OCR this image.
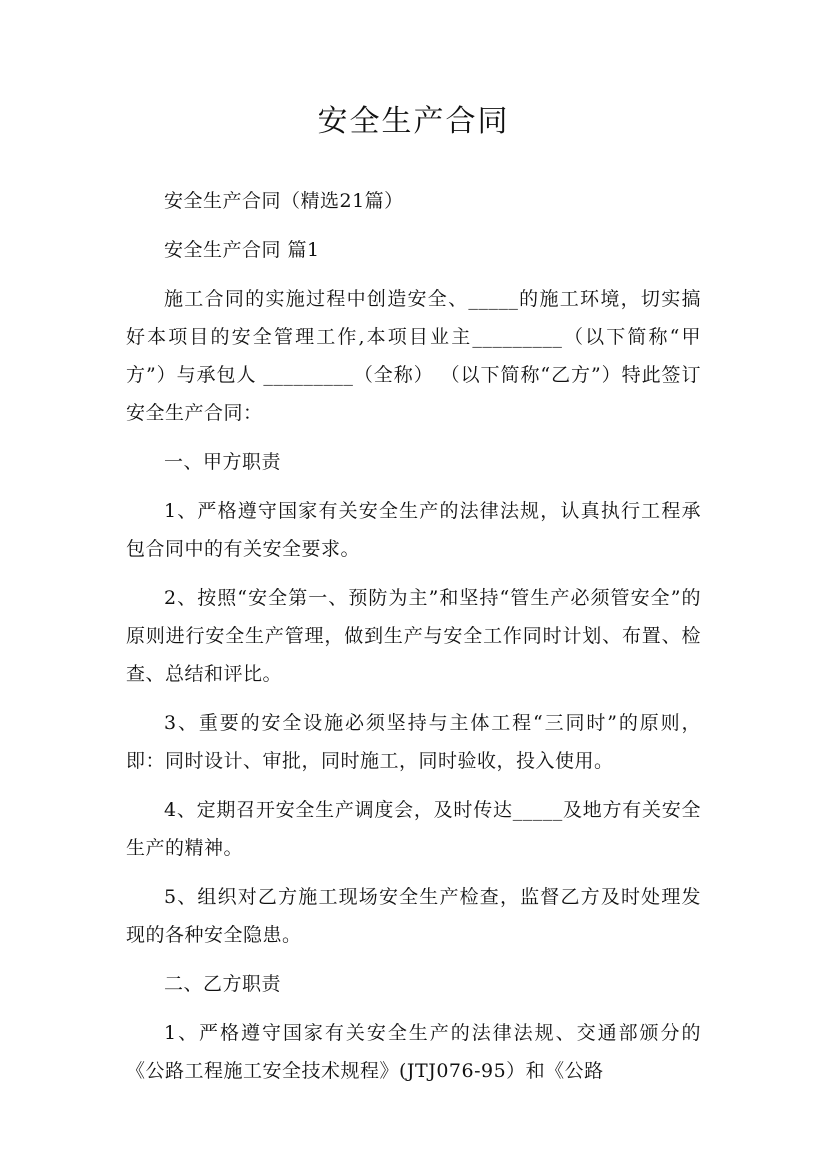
安全生产合同

安全生产合同（精选21篇）

安全生产合同 篇1

施工合同的实施过程中创造安全、_____的施工环境，切实搞好本项目的安全管理工作,本项目业主_________（以下简称“甲方”）与承包人 _________（全称） （以下简称“乙方”）特此签订安全生产合同：

一、甲方职责

1、严格遵守国家有关安全生产的法律法规，认真执行工程承包合同中的有关安全要求。

2、按照“安全第一、预防为主”和坚持“管生产必须管安全”的原则进行安全生产管理，做到生产与安全工作同时计划、布置、检查、总结和评比。

3、重要的安全设施必须坚持与主体工程“三同时”的原则，即：同时设计、审批，同时施工，同时验收，投入使用。

4、定期召开安全生产调度会，及时传达_____及地方有关安全生产的精神。

5、组织对乙方施工现场安全生产检查，监督乙方及时处理发现的各种安全隐患。

二、乙方职责

1、严格遵守国家有关安全生产的法律法规、交通部颁分的《公路工程施工安全技术规程》(JTJ076-95）和《公路
